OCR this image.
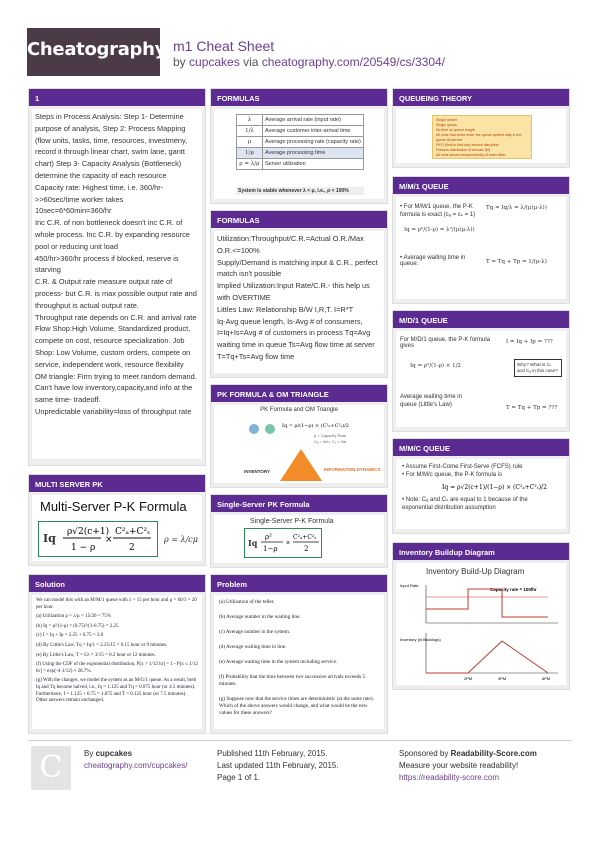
Cheatography m1 Cheat Sheet
by cupcakes via cheatography.com/20549/cs/3304/
1

Steps in Process Analysis: Step 1- Determine purpose of analysis, Step 2: Process Mapping (flow units, tasks, time, resources, investmeny, record it through linear chart, swim lane, gantt chart) Step 3- Capacity Analysis (Bottleneck) determine the capacity of each resource

Capacity rate: Highest time, i.e. 360/hr-

>>60sec/time worker takes

10sec=6*60min=360/hr

Inc C.R. of non bottleneck doesn't inc C.R. of whole process. Inc C.R. by expanding resource pool or reducing unit load

450/hr>360/hr process if blocked, reserve is starving

C.R. & Output rate measure output rate of process- but C.R. is max possible output rate and throughput is actual output rate.

Throughput rate depends on C.R. and arrival rate

Flow Shop:High Volume, Standardized product, compete on cost, resource specialization. Job Shop: Low Volume, custom orders, compete on service, independent work, resource flexibility

OM triangle: Firm trying to meet random demand. Can't have low inventory,capacity,and info at the same time- tradeoff.

Unpredictable variability=loss of throughput rate

MULTI SERVER PK
Multi-Server P-K Formula
Iq ρ√2(c+1)
1 − ρ
×
C²ₐ+C²ₛ
2
ρ = λ/cμ
Solution

We can model this with an M/M/1 queue with λ = 15 per hour and μ = 60/3 = 20 per hour.

(a) Utilization ρ = λ/μ = 15/20 = 75%

(b) Iq = ρ²/(1-ρ) = (0.75)²/(1-0.75) = 2.25

(c) I = Iq + Ip = 2.25 + 0.75 = 3.0

(d) By Little's Law, Tq = Iq/λ = 2.25/15 = 0.15 hour or 9 minutes.

(e) By Little's Law, T = I/λ = 3/15 = 0.2 hour or 12 minutes.

(f) Using the CDF of the exponential distribution, P[x > 1/12 hr] = 1 - P[x ≤ 1/12 hr] = exp(-4·1/12) ≈ 28.7%.

(g) With the changes, we model the system as an M/G/1 queue. As a result, both Iq and Tq become halved, i.e., Iq = 1.125 and Tq = 0.075 hour (or 4.5 minutes). Furthermore, I = 1.125 + 0.75 = 1.875 and T = 0.125 hour (or 7.5 minutes). Other answers remain unchanged.

FORMULAS
λ	Average arrival rate (input rate)
1/λ	Average customer inter-arrival time
μ	Average processing rate (capacity rate)
1/μ	Average processing time
ρ = λ/μ	Server utilization
System is stable whenever λ < μ, i.e., ρ < 100%
FORMULAS

Utilization:Throughput/C.R.=Actual O.R./Max O.R.<=100%

Supply/Demand is matching input & C.R., perfect match isn't possible

Implied Utilization:Input Rate/C.R.- this help us with OVERTIME

Littles Law: Relationship B/W I,R,T. I=R*T

Iq-Avg queue length, Is-Avg # of consumers, I=Iq+Is=Avg # of customers in process Tq=Avg waiting time in queue Ts=Avg flow time at server T=Tq+Ts=Avg flow time

PK FORMULA & OM TRIANGLE
PK Formula and OM Triangle
Iq = ρ/(1−ρ) × (C²ₐ+C²ₛ)/2
ρ = Capacity Rate
Cₐ = Info, Cₛ = Var
INVENTORY	INFORMATION DYNAMICS
Single-Server PK Formula
Single-Server P-K Formula
Iq
ρ²
1−ρ
×
C²ₐ+C²ₛ
2
Problem

(a) Utilization of the teller.

(b) Average number in the waiting line.

(c) Average number in the system.

(d) Average waiting time in line.

(e) Average waiting time in the system including service.

(f) Probability that the time between two successive arrivals exceeds 5 minutes.

(g) Suppose now that the service times are deterministic (at the same rate). Which of the above answers would change, and what would be the new values for these answers?

QUEUEING THEORY
Single server
Single queue
No limit on queue length
All units that arrive enter the queue system stay in the queue till served
FIFO (first-in first-out) service discipline
Poisson distribution of arrivals (M)
All units served independently of each other
M/M/1 QUEUE
• For M/M/1 queue, the P-K formula is exact (cₐ = cₛ = 1)
Iq = ρ²/(1-ρ) = λ²/(μ(μ-λ))
• Average waiting time in queue:
Tq = Iq/λ = λ/(μ(μ-λ))
T = Tq + Tp = 1/(μ-λ)
M/D/1 QUEUE
For M/D/1 queue, the P-K formula gives
I = Iq + Ip = ???
Iq = ρ²/(1-ρ) × 1/2	Why? What is Cₛ and Cₐ in this case?
Average waiting time in queue (Little's Law)	T = Tq + Tp = ???
M/M/C QUEUE
• Assume First-Come First-Serve (FCFS) rule
• For M/M/c queue, the P-K formula is
Iq = ρ√2(c+1)/(1−ρ) × (C²ₐ+C²ₛ)/2
• Note: Cₐ and Cₛ are equal to 1 because of the exponential distribution assumption
Inventory Buildup Diagram
Inventory Build-Up Diagram
Input Rate
Capacity rate = 100/hr
Inventory (in Backlogs)
2PM	3PM	6PM
C	By cupcakes
cheatography.com/cupcakes/
Published 11th February, 2015.
Last updated 11th February, 2015.
Page 1 of 1.
Sponsored by Readability-Score.com
Measure your website readability!
https://readability-score.com
